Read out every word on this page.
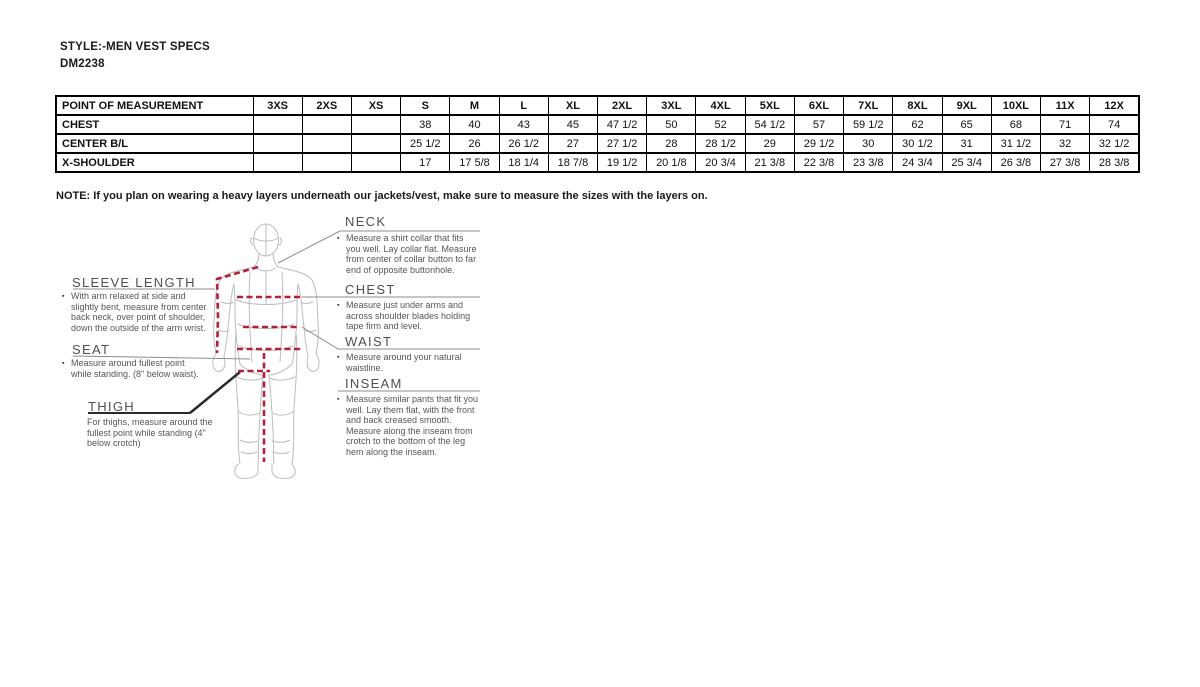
STYLE:-MEN VEST SPECS
DM2238
POINT OF MEASUREMENT	3XS	2XS	XS	S	M	L	XL	2XL	3XL	4XL	5XL	6XL	7XL	8XL	9XL	10XL	11X	12X
CHEST				38	40	43	45	47 1/2	50	52	54 1/2	57	59 1/2	62	65	68	71	74
CENTER B/L				25 1/2	26	26 1/2	27	27 1/2	28	28 1/2	29	29 1/2	30	30 1/2	31	31 1/2	32	32 1/2
X-SHOULDER				17	17 5/8	18 1/4	18 7/8	19 1/2	20 1/8	20 3/4	21 3/8	22 3/8	23 3/8	24 3/4	25 3/4	26 3/8	27 3/8	28 3/8
NOTE: If you plan on wearing a heavy layers underneath our jackets/vest, make sure to measure the sizes with the layers on.
SLEEVE LENGTH
▪ With arm relaxed at side and slightly bent, measure from center back neck, over point of shoulder, down the outside of the arm wrist.
SEAT
▪ Measure around fullest point while standing. (8" below waist).
THIGH
For thighs, measure around the fullest point while standing (4" below crotch)
NECK
▪ Measure a shirt collar that fits you well. Lay collar flat. Measure from center of collar button to far end of opposite buttonhole.
CHEST
▪ Measure just under arms and across shoulder blades holding tape firm and level.
WAIST
▪ Measure around your natural waistline.
INSEAM
▪ Measure similar pants that fit you well. Lay them flat, with the front and back creased smooth. Measure along the inseam from crotch to the bottom of the leg hem along the inseam.
